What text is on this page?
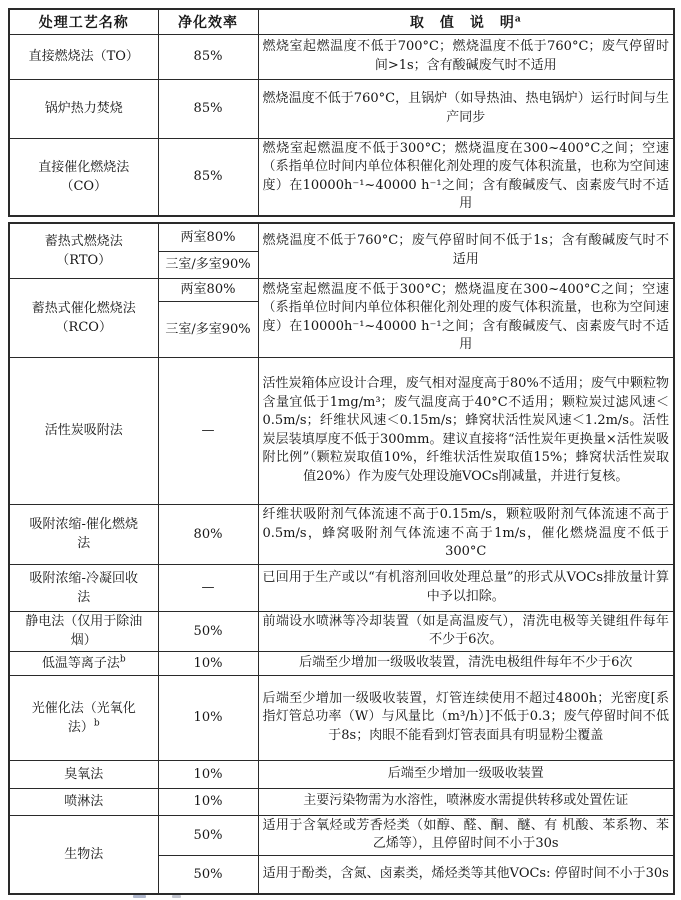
处理工艺名称	净化效率	取　值　说　明$^a$
直接燃烧法（TO）	85%	燃烧室起燃温度不低于700°C；燃烧温度不低于760°C；废气停留时间>1s；含有酸碱废气时不适用
锅炉热力焚烧	85%	燃烧温度不低于760°C，且锅炉（如导热油、热电锅炉）运行时间与生产同步
直接催化燃烧法（CO）	85%	燃烧室起燃温度不低于300°C；燃烧温度在300~400°C之间；空速（系指单位时间内单位体积催化剂处理的废气体积流量，也称为空间速度）在10000h⁻¹~40000 h⁻¹之间；含有酸碱废气、卤素废气时不适用
蓄热式燃烧法（RTO）	两室80%	燃烧温度不低于760°C；废气停留时间不低于1s；含有酸碱废气时不适用
	三室/多室90%	
蓄热式催化燃烧法（RCO）	两室80%	燃烧室起燃温度不低于300°C；燃烧温度在300~400°C之间；空速（系指单位时间内单位体积催化剂处理的废气体积流量，也称为空间速度）在10000h⁻¹~40000 h⁻¹之间；含有酸碱废气、卤素废气时不适用
	三室/多室90%	
活性炭吸附法	—	活性炭箱体应设计合理，废气相对湿度高于80%不适用；废气中颗粒物含量宜低于1mg/m³；废气温度高于40°C不适用；颗粒炭过滤风速＜0.5m/s；纤维状风速＜0.15m/s；蜂窝状活性炭风速＜1.2m/s。活性炭层装填厚度不低于300mm。建议直接将“活性炭年更换量×活性炭吸附比例”（颗粒炭取值10%，纤维状活性炭取值15%；蜂窝状活性炭取值20%）作为废气处理设施VOCs削减量，并进行复核。
吸附浓缩-催化燃烧法	80%	纤维状吸附剂气体流速不高于0.15m/s，颗粒吸附剂气体流速不高于0.5m/s，蜂窝吸附剂气体流速不高于1m/s，催化燃烧温度不低于300°C
吸附浓缩-冷凝回收法	—	已回用于生产或以“有机溶剂回收处理总量”的形式从VOCs排放量计算中予以扣除。
静电法（仅用于除油烟）	50%	前端设水喷淋等冷却装置（如是高温废气），清洗电极等关键组件每年不少于6次。
低温等离子法$^b$	10%	后端至少增加一级吸收装置，清洗电极组件每年不少于6次
光催化法（光氧化法）$^b$	10%	后端至少增加一级吸收装置，灯管连续使用不超过4800h；光密度[系指灯管总功率（W）与风量比（m³/h）]不低于0.3；废气停留时间不低于8s；肉眼不能看到灯管表面具有明显粉尘覆盖
臭氧法	10%	后端至少增加一级吸收装置
喷淋法	10%	主要污染物需为水溶性，喷淋废水需提供转移或处置佐证
生物法	50%	适用于含氧烃或芳香烃类（如醇、醛、酮、醚、有 机酸、苯系物、苯乙烯等），且停留时间不小于30s
	50%	适用于酚类，含氮、卤素类，烯烃类等其他VOCs: 停留时间不小于30s
